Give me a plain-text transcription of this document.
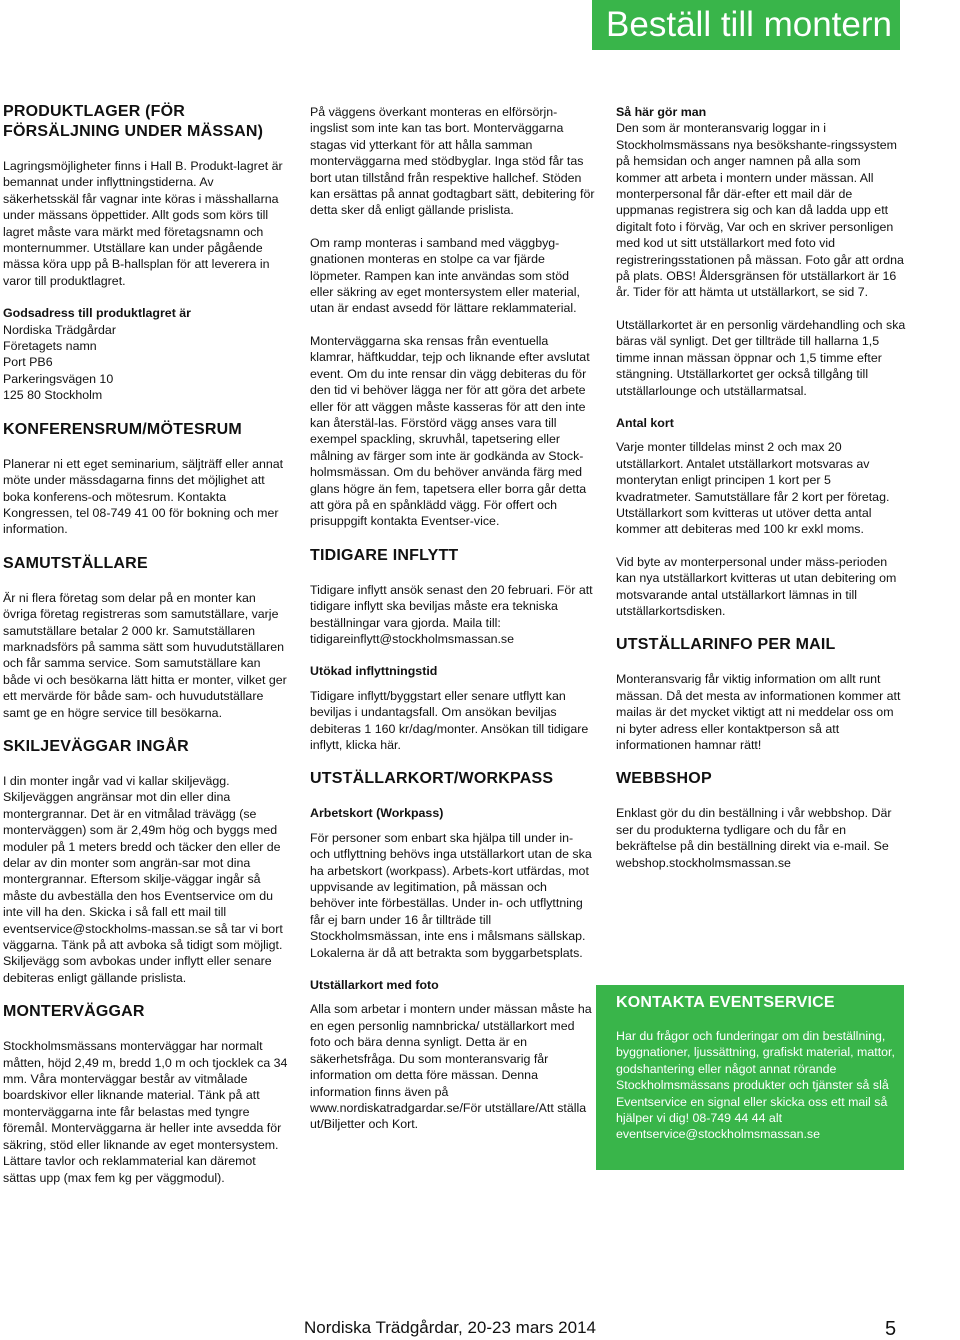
Beställ till montern
PRODUKTLAGER (FÖR FÖRSÄLJNING UNDER MÄSSAN)
Lagringsmöjligheter finns i Hall B. Produkt-lagret är bemannat under inflyttningstiderna. Av säkerhetsskäl får vagnar inte köras i mässhallarna under mässans öppettider. Allt gods som körs till lagret måste vara märkt med företagsnamn och monternummer. Utställare kan under pågående mässa köra upp på B-hallsplan för att leverera in varor till produktlagret.
Godsadress till produktlagret är
Nordiska Trädgårdar
Företagets namn
Port PB6
Parkeringsvägen 10
125 80 Stockholm
KONFERENSRUM/MÖTESRUM
Planerar ni ett eget seminarium, säljträff eller annat möte under mässdagarna finns det möjlighet att boka konferens-och mötesrum. Kontakta Kongressen, tel 08-749 41 00 för bokning och mer information.
SAMUTSTÄLLARE
Är ni flera företag som delar på en monter kan övriga företag registreras som samutställare, varje samutställare betalar 2 000 kr. Samutställaren marknadsförs på samma sätt som huvudutställaren och får samma service. Som samutställare kan både vi och besökarna lätt hitta er monter, vilket ger ett mervärde för både sam- och huvudutställare samt ge en högre service till besökarna.
SKILJEVÄGGAR INGÅR
I din monter ingår vad vi kallar skiljevägg. Skiljeväggen angränsar mot din eller dina montergrannar. Det är en vitmålad trävägg (se monterväggen) som är 2,49m hög och byggs med moduler på 1 meters bredd och täcker den eller de delar av din monter som angrän-sar mot dina montergrannar. Eftersom skilje-väggar ingår så måste du avbeställa den hos Eventservice om du inte vill ha den. Skicka i så fall ett mail till eventservice@stockholms-massan.se så tar vi bort väggarna. Tänk på att avboka så tidigt som möjligt. Skiljevägg som avbokas under inflytt eller senare debiteras enligt gällande prislista.
MONTERVÄGGAR
Stockholmsmässans monterväggar har normalt måtten, höjd 2,49 m, bredd 1,0 m och tjocklek ca 34 mm. Våra monterväggar består av vitmålade boardskivor eller liknande material. Tänk på att monterväggarna inte får belastas med tyngre föremål. Monterväggarna är heller inte avsedda för säkring, stöd eller liknande av eget montersystem. Lättare tavlor och reklammaterial kan däremot sättas upp (max fem kg per väggmodul).
På väggens överkant monteras en elförsörjn-ingslist som inte kan tas bort. Monterväggarna stagas vid ytterkant för att hålla samman monterväggarna med stödbyglar. Inga stöd får tas bort utan tillstånd från respektive hallchef. Stöden kan ersättas på annat godtagbart sätt, debitering för detta sker då enligt gällande prislista.
Om ramp monteras i samband med väggbyg-gnationen monteras en stolpe ca var fjärde löpmeter. Rampen kan inte användas som stöd eller säkring av eget montersystem eller material, utan är endast avsedd för lättare reklammaterial.
Monterväggarna ska rensas från eventuella klamrar, häftkuddar, tejp och liknande efter avslutat event. Om du inte rensar din vägg debiteras du för den tid vi behöver lägga ner för att göra det arbete eller för att väggen måste kasseras för att den inte kan återstäl-las. Förstörd vägg anses vara till exempel spackling, skruvhål, tapetsering eller målning av färger som inte är godkända av Stock-holmsmässan. Om du behöver använda färg med glans högre än fem, tapetsera eller borra går detta att göra på en spånklädd vägg. För offert och prisuppgift kontakta Eventser-vice.
TIDIGARE INFLYTT
Tidigare inflytt ansök senast den 20 februari. För att tidigare inflytt ska beviljas måste era tekniska beställningar vara gjorda. Maila till: tidigareinflytt@stockholmsmassan.se
Utökad inflyttningstid
Tidigare inflytt/byggstart eller senare utflytt kan beviljas i undantagsfall. Om ansökan beviljas debiteras 1 160 kr/dag/monter. Ansökan till tidigare inflytt, klicka här.
UTSTÄLLARKORT/WORKPASS
Arbetskort (Workpass)
För personer som enbart ska hjälpa till under in- och utflyttning behövs inga utställarkort utan de ska ha arbetskort (workpass). Arbets-kort utfärdas, mot uppvisande av legitimation, på mässan och behöver inte förbeställas. Under in- och utflyttning får ej barn under 16 år tillträde till Stockholmsmässan, inte ens i målsmans sällskap. Lokalerna är då att betrakta som byggarbetsplats.
Utställarkort med foto
Alla som arbetar i montern under mässan måste ha en egen personlig namnbricka/ utställarkort med foto och bära denna synligt. Detta är en säkerhetsfråga. Du som monteransvarig får information om detta före mässan. Denna information finns även på www.nordiskatradgardar.se/För utställare/Att ställa ut/Biljetter och Kort.
Så här gör man
Den som är monteransvarig loggar in i Stockholmsmässans nya besökshante-ringssystem på hemsidan och anger namnen på alla som kommer att arbeta i montern under mässan. All monterpersonal får där-efter ett mail där de uppmanas registrera sig och kan då ladda upp ett digitalt foto i förväg, Var och en skriver personligen med kod ut sitt utställarkort med foto vid registreringsstationen på mässan. Foto går att ordna på plats. OBS! Åldersgränsen för utställarkort är 16 år. Tider för att hämta ut utställarkort, se sid 7.
Utställarkortet är en personlig värdehandling och ska bäras väl synligt. Det ger tillträde till hallarna 1,5 timme innan mässan öppnar och 1,5 timme efter stängning. Utställarkortet ger också tillgång till utställarlounge och utställarmatsal.
Antal kort
Varje monter tilldelas minst 2 och max 20 utställarkort. Antalet utställarkort motsvaras av monterytan enligt principen 1 kort per 5 kvadratmeter. Samutställare får 2 kort per företag. Utställarkort som kvitteras ut utöver detta antal kommer att debiteras med 100 kr exkl moms.
Vid byte av monterpersonal under mäss-perioden kan nya utställarkort kvitteras ut utan debitering om motsvarande antal utställarkort lämnas in till utställarkortsdisken.
UTSTÄLLARINFO PER MAIL
Monteransvarig får viktig information om allt runt mässan. Då det mesta av informationen kommer att mailas är det mycket viktigt att ni meddelar oss om ni byter adress eller kontaktperson så att informationen hamnar rätt!
WEBBSHOP
Enklast gör du din beställning i vår webbshop. Där ser du produkterna tydligare och du får en bekräftelse på din beställning direkt via e-mail. Se webshop.stockholmsmassan.se
KONTAKTA EVENTSERVICE
Har du frågor och funderingar om din beställning, byggnationer, ljussättning, grafiskt material, mattor, godshantering eller något annat rörande Stockholmsmässans produkter och tjänster så slå Eventservice en signal eller skicka oss ett mail så hjälper vi dig! 08-749 44 44 alt eventservice@stockholmsmassan.se
Nordiska Trädgårdar, 20-23 mars 2014	5
